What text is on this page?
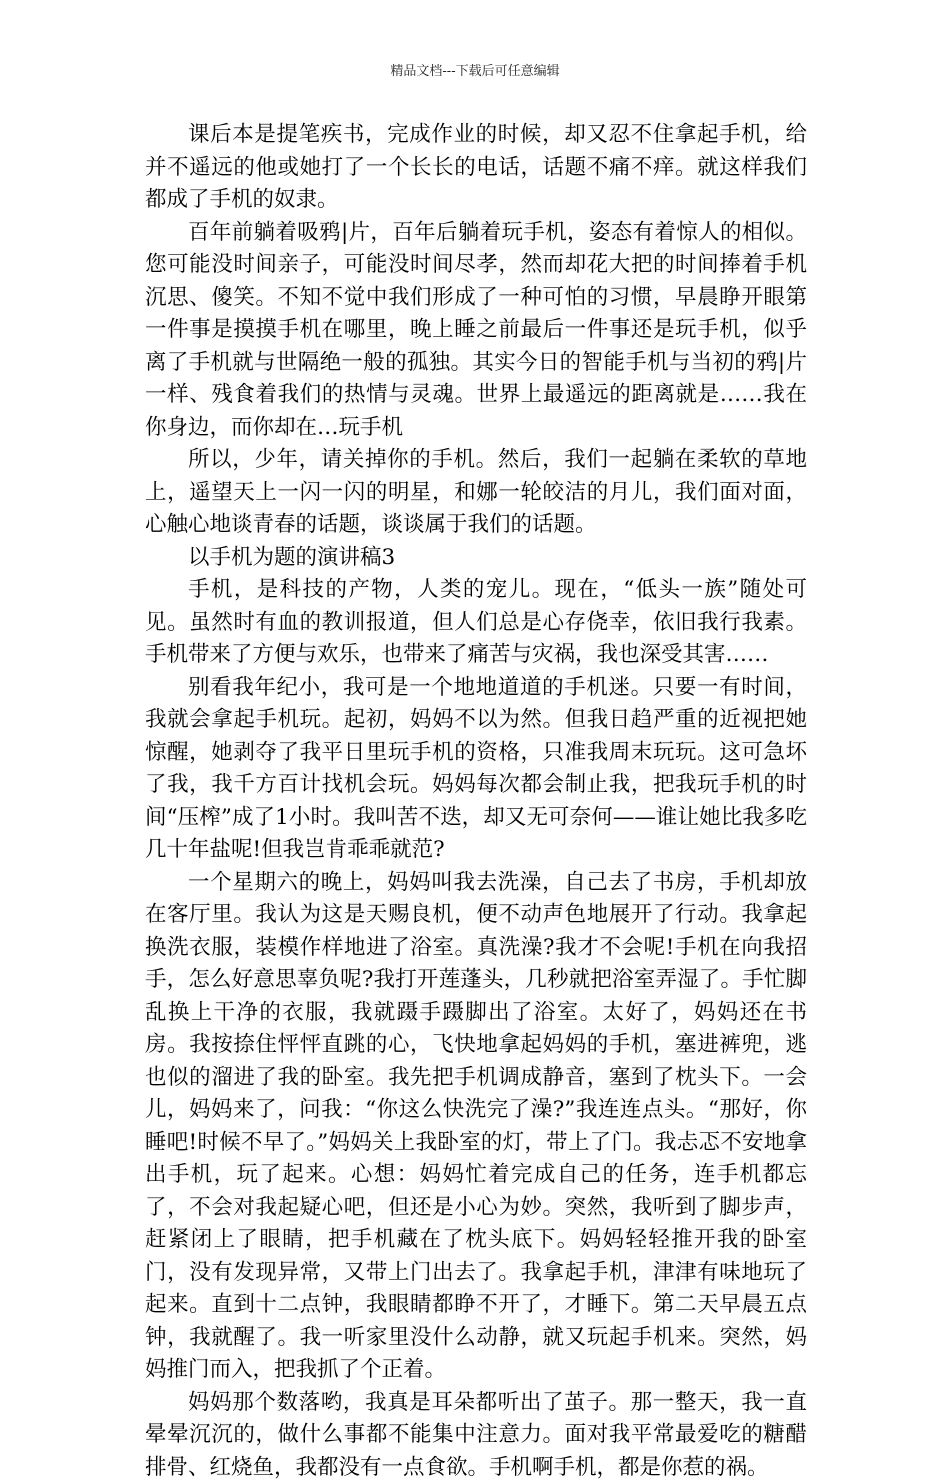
精品文档---下载后可任意编辑

课后本是提笔疾书，完成作业的时候，却又忍不住拿起手机，给并不遥远的他或她打了一个长长的电话，话题不痛不痒。就这样我们都成了手机的奴隶。

百年前躺着吸鸦|片，百年后躺着玩手机，姿态有着惊人的相似。您可能没时间亲子，可能没时间尽孝，然而却花大把的时间捧着手机沉思、傻笑。不知不觉中我们形成了一种可怕的习惯，早晨睁开眼第一件事是摸摸手机在哪里，晚上睡之前最后一件事还是玩手机，似乎离了手机就与世隔绝一般的孤独。其实今日的智能手机与当初的鸦|片一样、残食着我们的热情与灵魂。世界上最遥远的距离就是……我在你身边，而你却在…玩手机

所以，少年，请关掉你的手机。然后，我们一起躺在柔软的草地上，遥望天上一闪一闪的明星，和娜一轮皎洁的月儿，我们面对面，心触心地谈青春的话题，谈谈属于我们的话题。

以手机为题的演讲稿3

手机，是科技的产物，人类的宠儿。现在，“低头一族”随处可见。虽然时有血的教训报道，但人们总是心存侥幸，依旧我行我素。手机带来了方便与欢乐，也带来了痛苦与灾祸，我也深受其害……

别看我年纪小，我可是一个地地道道的手机迷。只要一有时间，我就会拿起手机玩。起初，妈妈不以为然。但我日趋严重的近视把她惊醒，她剥夺了我平日里玩手机的资格，只准我周末玩玩。这可急坏了我，我千方百计找机会玩。妈妈每次都会制止我，把我玩手机的时间“压榨”成了1小时。我叫苦不迭，却又无可奈何——谁让她比我多吃几十年盐呢!但我岂肯乖乖就范?

一个星期六的晚上，妈妈叫我去洗澡，自己去了书房，手机却放在客厅里。我认为这是天赐良机，便不动声色地展开了行动。我拿起换洗衣服，装模作样地进了浴室。真洗澡?我才不会呢!手机在向我招手，怎么好意思辜负呢?我打开莲蓬头，几秒就把浴室弄湿了。手忙脚乱换上干净的衣服，我就蹑手蹑脚出了浴室。太好了，妈妈还在书房。我按捺住怦怦直跳的心，飞快地拿起妈妈的手机，塞进裤兜，逃也似的溜进了我的卧室。我先把手机调成静音，塞到了枕头下。一会儿，妈妈来了，问我：“你这么快洗完了澡?”我连连点头。“那好，你睡吧!时候不早了。”妈妈关上我卧室的灯，带上了门。我忐忑不安地拿出手机，玩了起来。心想：妈妈忙着完成自己的任务，连手机都忘了，不会对我起疑心吧，但还是小心为妙。突然，我听到了脚步声，赶紧闭上了眼睛，把手机藏在了枕头底下。妈妈轻轻推开我的卧室门，没有发现异常，又带上门出去了。我拿起手机，津津有味地玩了起来。直到十二点钟，我眼睛都睁不开了，才睡下。第二天早晨五点钟，我就醒了。我一听家里没什么动静，就又玩起手机来。突然，妈妈推门而入，把我抓了个正着。

妈妈那个数落哟，我真是耳朵都听出了茧子。那一整天，我一直晕晕沉沉的，做什么事都不能集中注意力。面对我平常最爱吃的糖醋排骨、红烧鱼，我都没有一点食欲。手机啊手机，都是你惹的祸。
